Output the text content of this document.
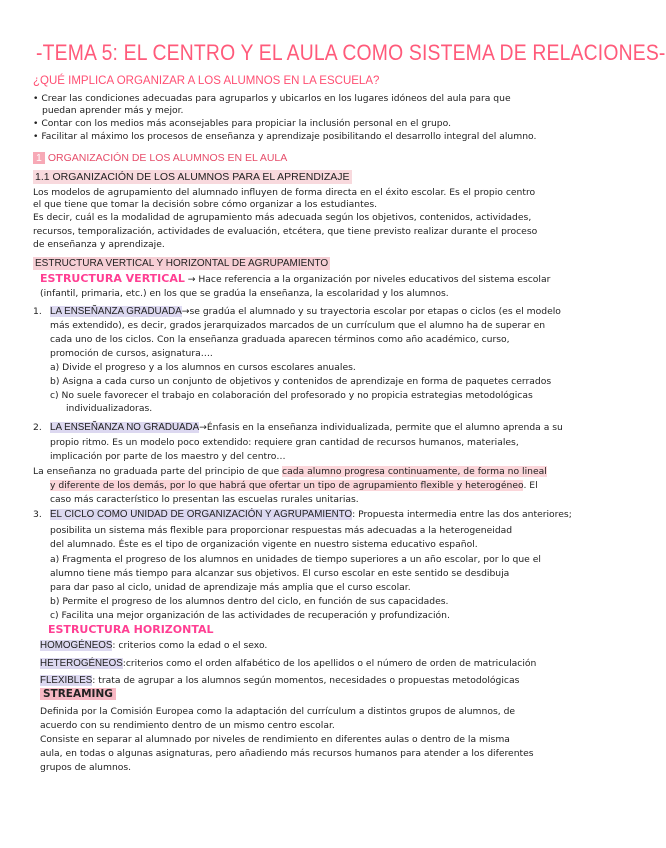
-TEMA 5: EL CENTRO Y EL AULA COMO SISTEMA DE RELACIONES-
¿QUÉ IMPLICA ORGANIZAR A LOS ALUMNOS EN LA ESCUELA?
• Crear las condiciones adecuadas para agruparlos y ubicarlos en los lugares idóneos del aula para que
puedan aprender más y mejor.
• Contar con los medios más aconsejables para propiciar la inclusión personal en el grupo.
• Facilitar al máximo los procesos de enseñanza y aprendizaje posibilitando el desarrollo integral del alumno.
1 ORGANIZACIÓN DE LOS ALUMNOS EN EL AULA
1.1 ORGANIZACIÓN DE LOS ALUMNOS PARA EL APRENDIZAJE
Los modelos de agrupamiento del alumnado influyen de forma directa en el éxito escolar. Es el propio centro
el que tiene que tomar la decisión sobre cómo organizar a los estudiantes.
Es decir, cuál es la modalidad de agrupamiento más adecuada según los objetivos, contenidos, actividades,
recursos, temporalización, actividades de evaluación, etcétera, que tiene previsto realizar durante el proceso
de enseñanza y aprendizaje.
ESTRUCTURA VERTICAL Y HORIZONTAL DE AGRUPAMIENTO
ESTRUCTURA VERTICAL → Hace referencia a la organización por niveles educativos del sistema escolar
(infantil, primaria, etc.) en los que se gradúa la enseñanza, la escolaridad y los alumnos.
1. LA ENSEÑANZA GRADUADA→se gradúa el alumnado y su trayectoria escolar por etapas o ciclos (es el modelo
más extendido), es decir, grados jerarquizados marcados de un currículum que el alumno ha de superar en
cada uno de los ciclos. Con la enseñanza graduada aparecen términos como año académico, curso,
promoción de cursos, asignatura….
a) Divide el progreso y a los alumnos en cursos escolares anuales.
b) Asigna a cada curso un conjunto de objetivos y contenidos de aprendizaje en forma de paquetes cerrados
c) No suele favorecer el trabajo en colaboración del profesorado y no propicia estrategias metodológicas
individualizadoras.
2. LA ENSEÑANZA NO GRADUADA→Énfasis en la enseñanza individualizada, permite que el alumno aprenda a su
propio ritmo. Es un modelo poco extendido: requiere gran cantidad de recursos humanos, materiales,
implicación por parte de los maestro y del centro…
La enseñanza no graduada parte del principio de que cada alumno progresa continuamente, de forma no lineal
y diferente de los demás, por lo que habrá que ofertar un tipo de agrupamiento flexible y heterogéneo. El
caso más característico lo presentan las escuelas rurales unitarias.
3. EL CICLO COMO UNIDAD DE ORGANIZACIÓN Y AGRUPAMIENTO: Propuesta intermedia entre las dos anteriores;
posibilita un sistema más flexible para proporcionar respuestas más adecuadas a la heterogeneidad
del alumnado. Éste es el tipo de organización vigente en nuestro sistema educativo español.
a) Fragmenta el progreso de los alumnos en unidades de tiempo superiores a un año escolar, por lo que el
alumno tiene más tiempo para alcanzar sus objetivos. El curso escolar en este sentido se desdibuja
para dar paso al ciclo, unidad de aprendizaje más amplia que el curso escolar.
b) Permite el progreso de los alumnos dentro del ciclo, en función de sus capacidades.
c) Facilita una mejor organización de las actividades de recuperación y profundización.
ESTRUCTURA HORIZONTAL
HOMOGÉNEOS: criterios como la edad o el sexo.
HETEROGÉNEOS:criterios como el orden alfabético de los apellidos o el número de orden de matriculación
FLEXIBLES: trata de agrupar a los alumnos según momentos, necesidades o propuestas metodológicas
STREAMING
Definida por la Comisión Europea como la adaptación del currículum a distintos grupos de alumnos, de
acuerdo con su rendimiento dentro de un mismo centro escolar.
Consiste en separar al alumnado por niveles de rendimiento en diferentes aulas o dentro de la misma
aula, en todas o algunas asignaturas, pero añadiendo más recursos humanos para atender a los diferentes
grupos de alumnos.
